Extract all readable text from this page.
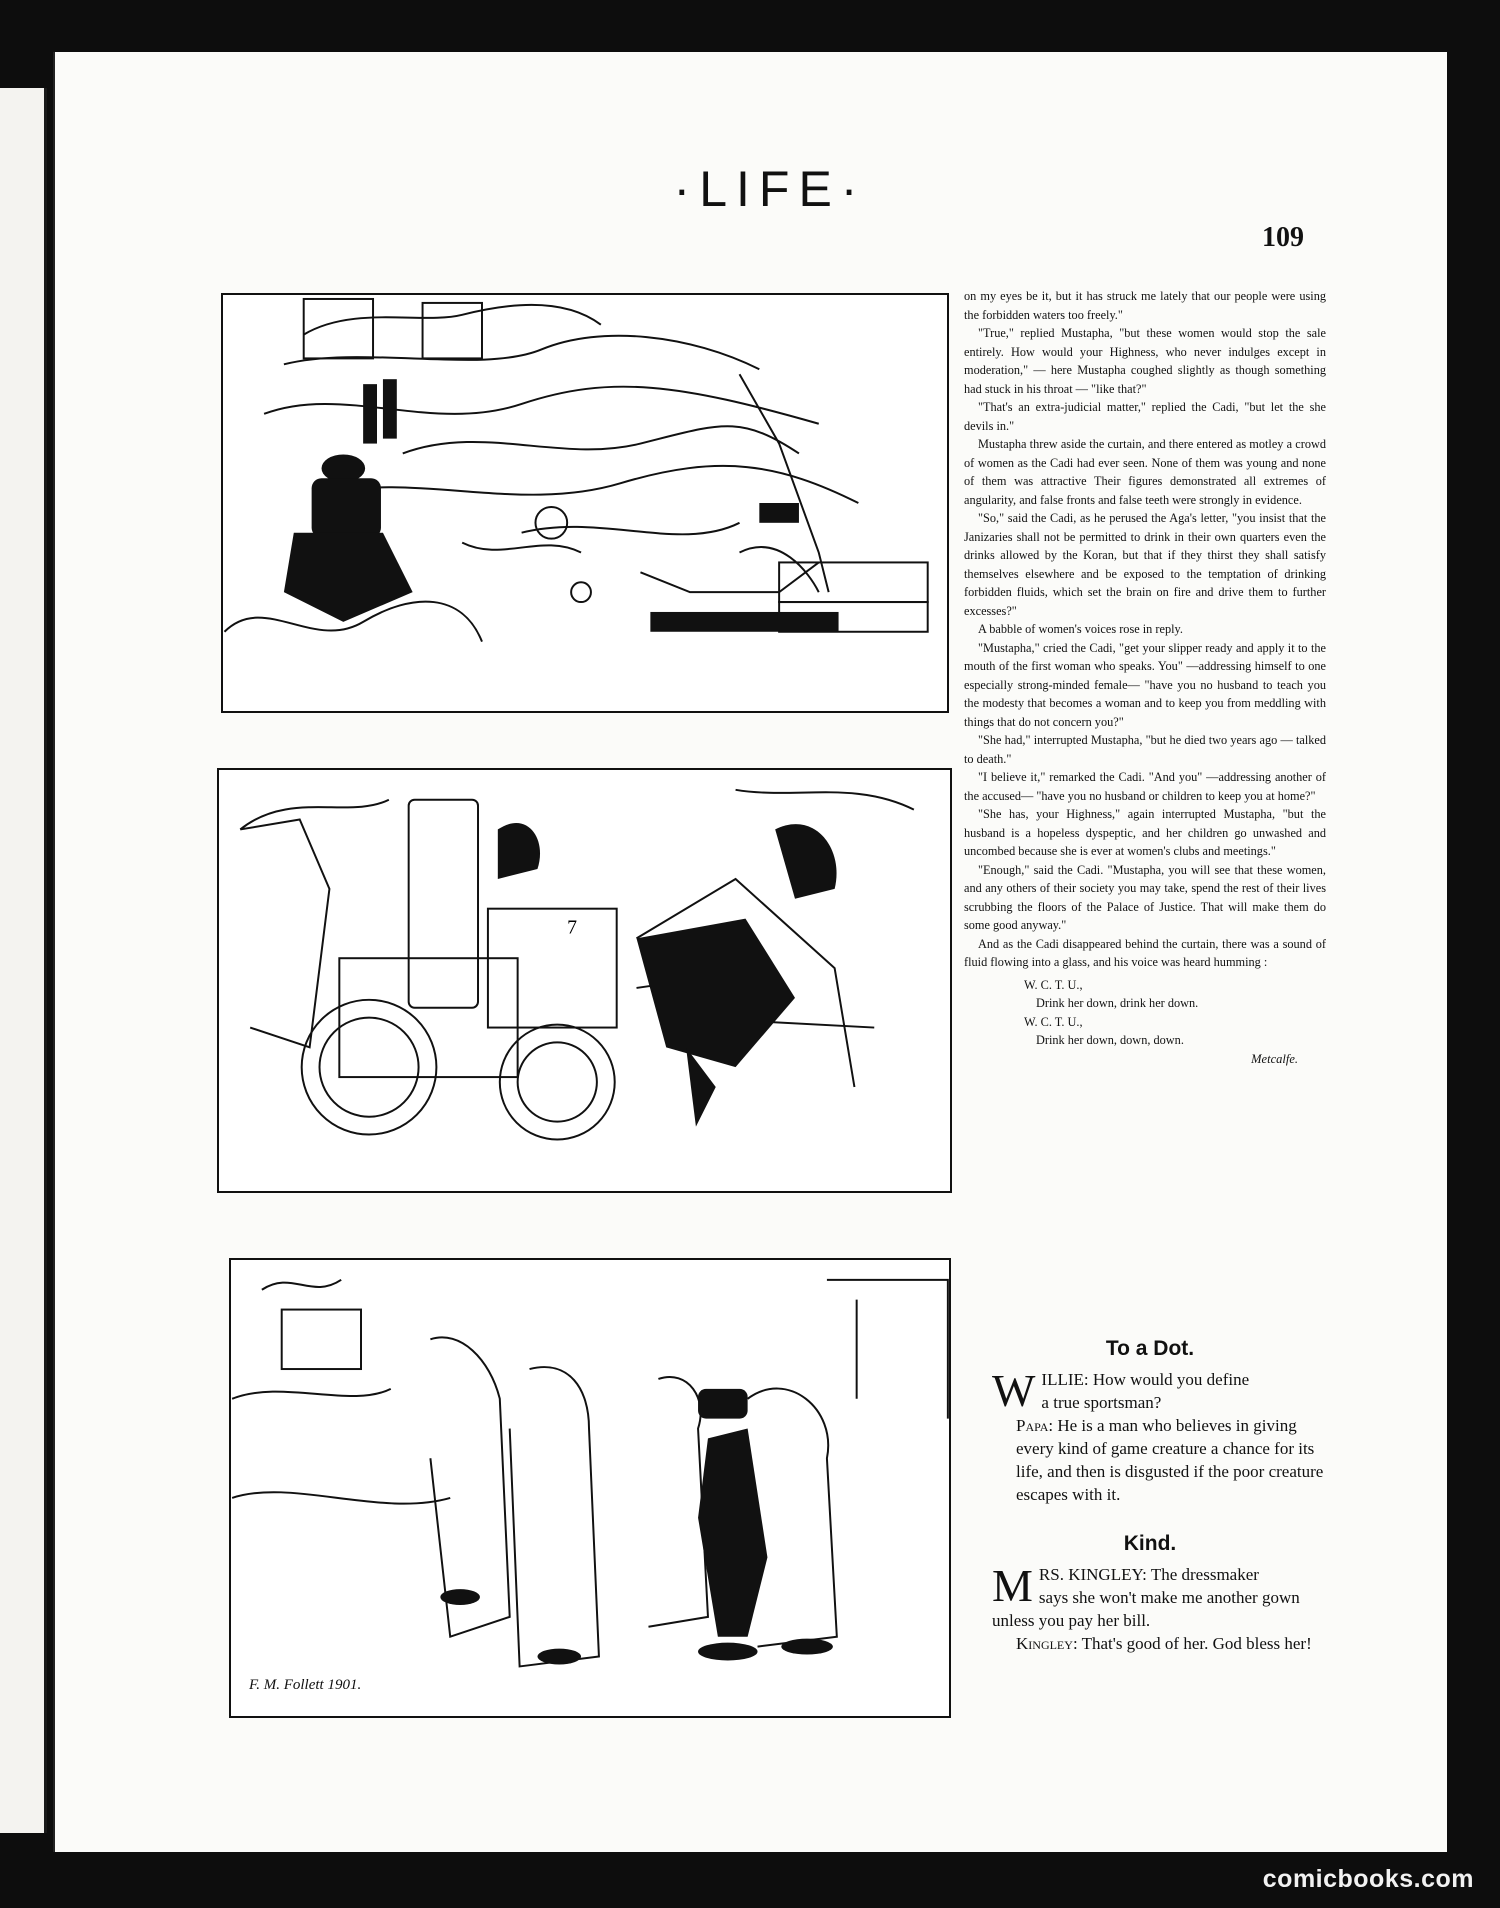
·LIFE·
109
7
F. M. Follett 1901.

on my eyes be it, but it has struck me lately that our people were using the forbidden waters too freely."

"True," replied Mustapha, "but these women would stop the sale entirely. How would your Highness, who never indulges except in moderation," — here Mustapha coughed slightly as though something had stuck in his throat — "like that?"

"That's an extra-judicial matter," replied the Cadi, "but let the she devils in."

Mustapha threw aside the curtain, and there entered as motley a crowd of women as the Cadi had ever seen. None of them was young and none of them was attractive Their figures demonstrated all extremes of angularity, and false fronts and false teeth were strongly in evidence.

"So," said the Cadi, as he perused the Aga's letter, "you insist that the Janizaries shall not be permitted to drink in their own quarters even the drinks allowed by the Koran, but that if they thirst they shall satisfy themselves elsewhere and be exposed to the temptation of drinking forbidden fluids, which set the brain on fire and drive them to further excesses?"

A babble of women's voices rose in reply.

"Mustapha," cried the Cadi, "get your slipper ready and apply it to the mouth of the first woman who speaks. You" —addressing himself to one especially strong-minded female— "have you no husband to teach you the modesty that becomes a woman and to keep you from meddling with things that do not concern you?"

"She had," interrupted Mustapha, "but he died two years ago — talked to death."

"I believe it," remarked the Cadi. "And you" —addressing another of the accused— "have you no husband or children to keep you at home?"

"She has, your Highness," again interrupted Mustapha, "but the husband is a hopeless dyspeptic, and her children go unwashed and uncombed because she is ever at women's clubs and meetings."

"Enough," said the Cadi. "Mustapha, you will see that these women, and any others of their society you may take, spend the rest of their lives scrubbing the floors of the Palace of Justice. That will make them do some good anyway."

And as the Cadi disappeared behind the curtain, there was a sound of fluid flowing into a glass, and his voice was heard humming :

W. C. T. U.,
Drink her down, drink her down.
W. C. T. U.,
Drink her down, down, down.
Metcalfe.
To a Dot.

WILLIE: How would you define
a true sportsman?

Papa: He is a man who believes in giving every kind of game creature a chance for its life, and then is disgusted if the poor creature escapes with it.

Kind.

MRS. KINGLEY: The dressmaker
says she won't make me another gown unless you pay her bill.

Kingley: That's good of her. God bless her!

comicbooks.com
